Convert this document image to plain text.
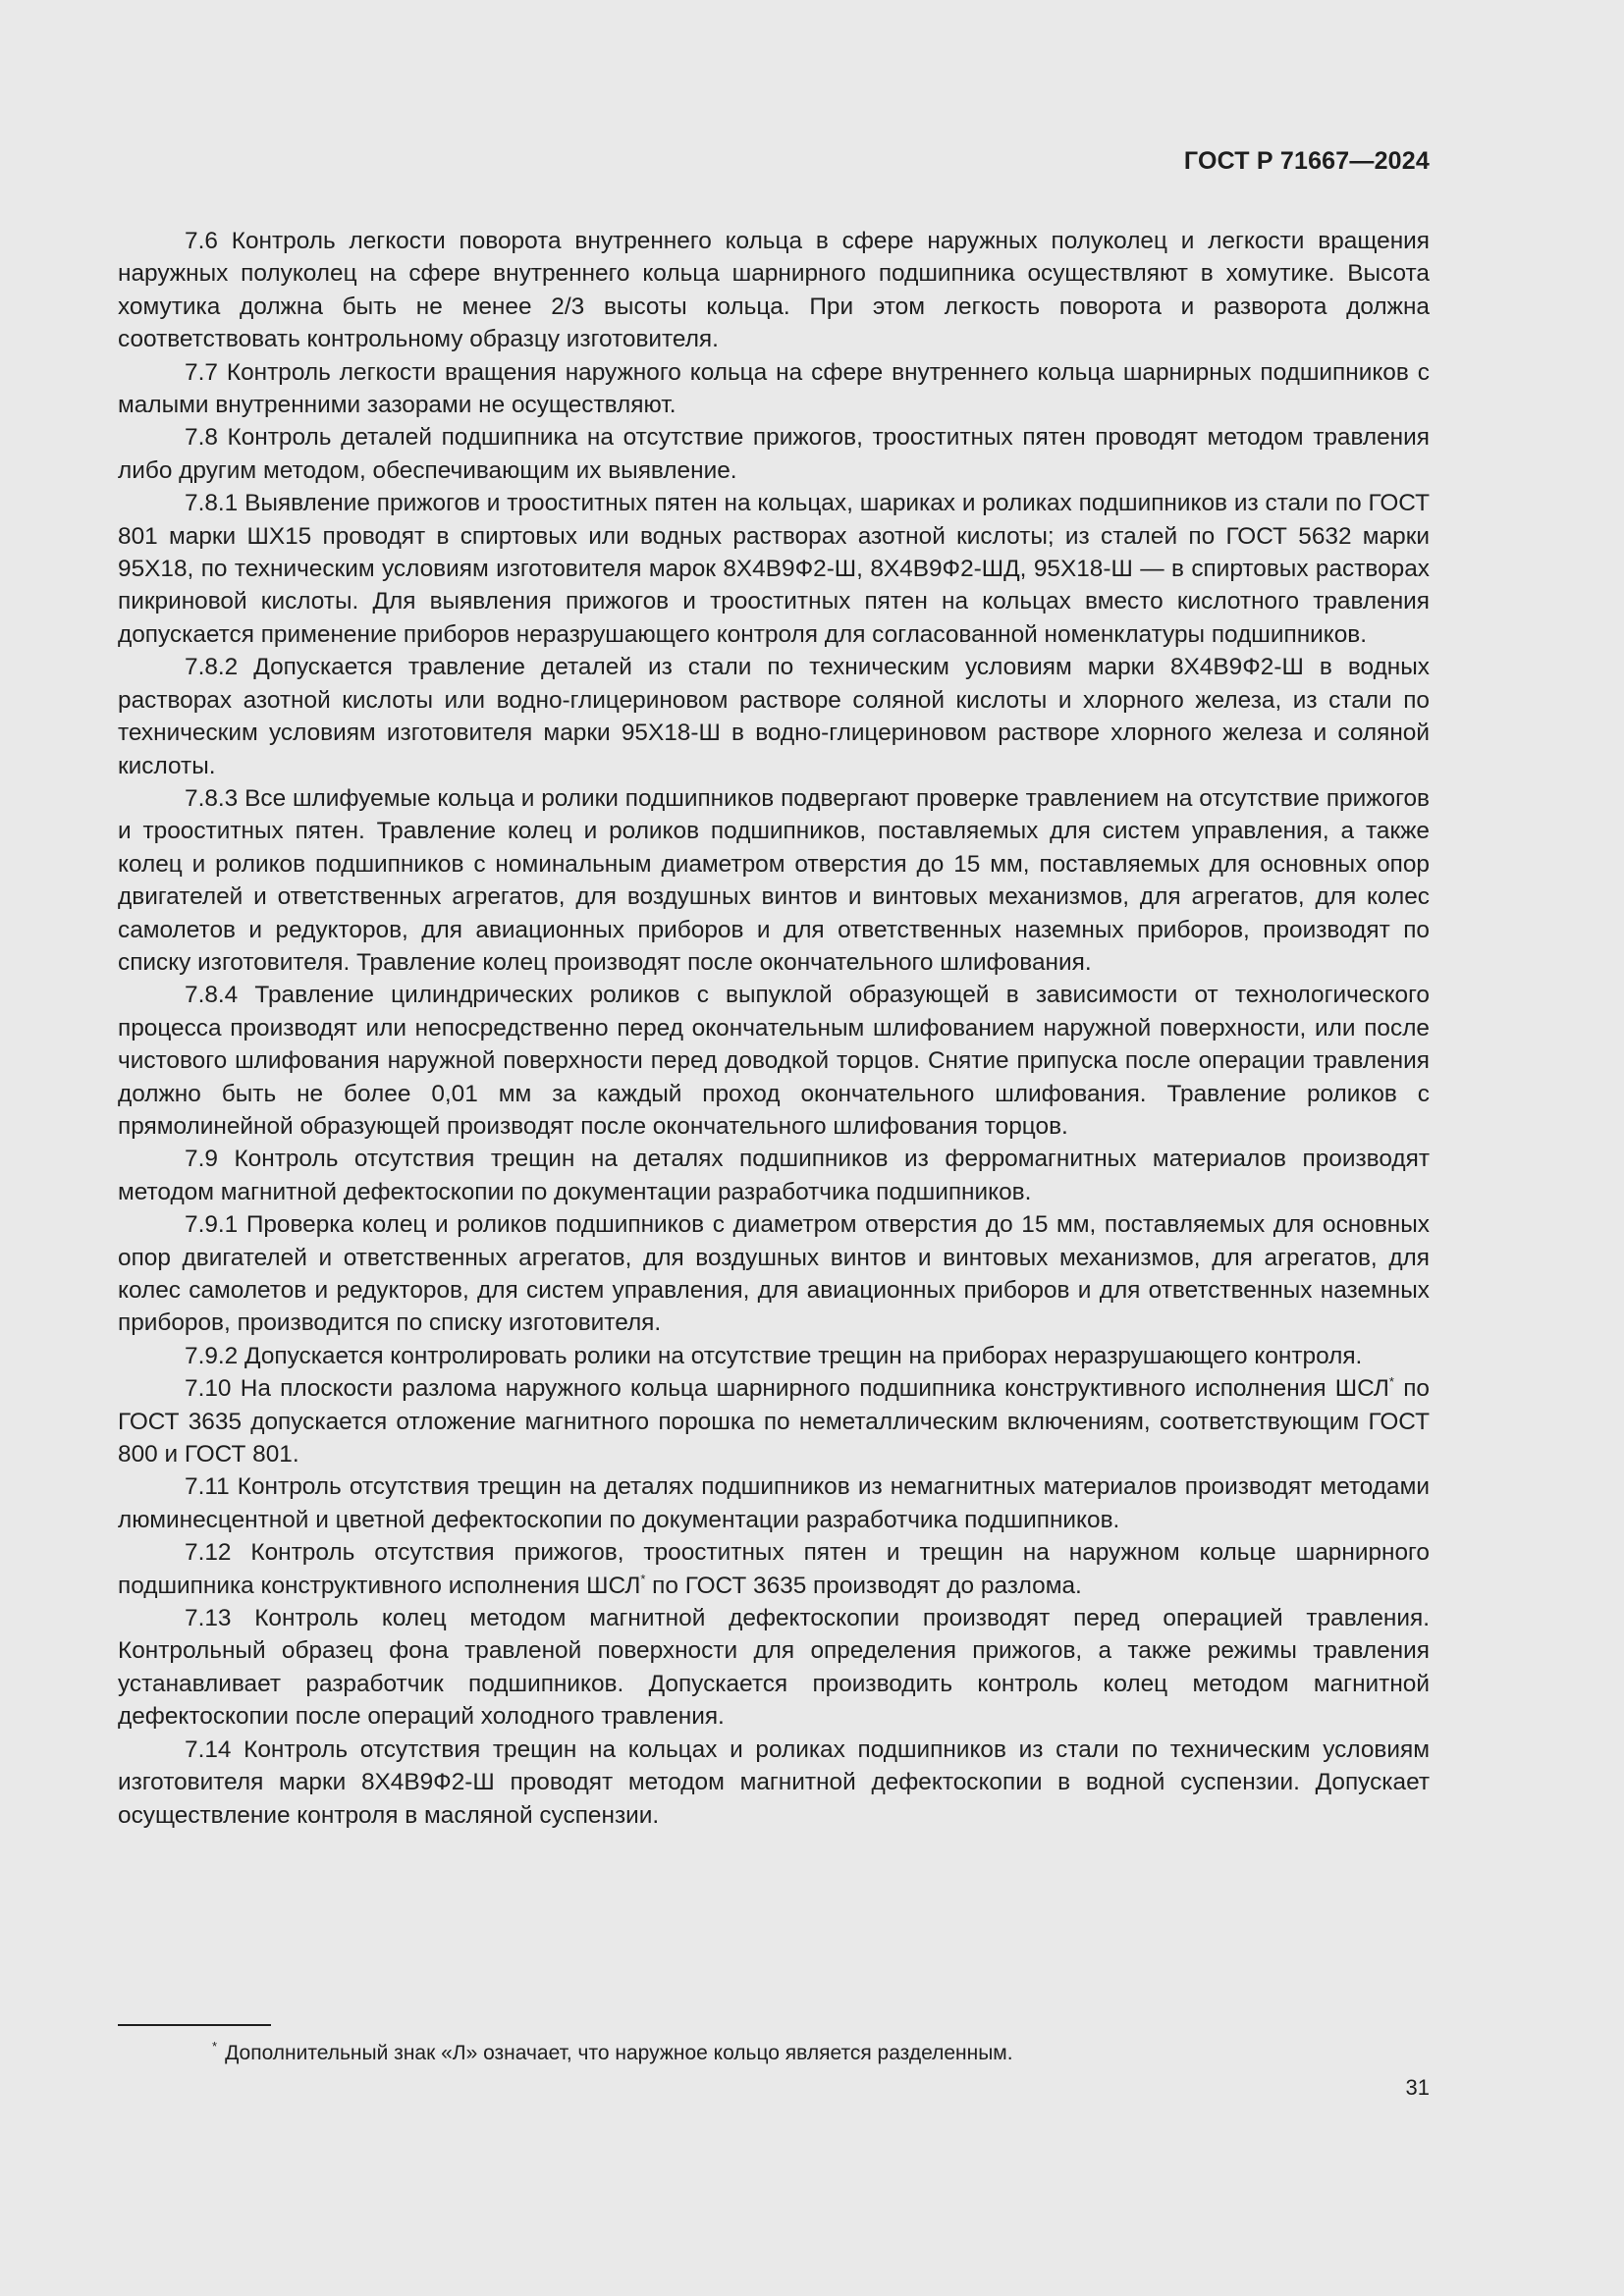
ГОСТ Р 71667—2024

7.6 Контроль легкости поворота внутреннего кольца в сфере наружных полуколец и легкости вращения наружных полуколец на сфере внутреннего кольца шарнирного подшипника осуществляют в хомутике. Высота хомутика должна быть не менее 2/3 высоты кольца. При этом легкость поворота и разворота должна соответствовать контрольному образцу изготовителя.

7.7 Контроль легкости вращения наружного кольца на сфере внутреннего кольца шарнирных подшипников с малыми внутренними зазорами не осуществляют.

7.8 Контроль деталей подшипника на отсутствие прижогов, трооститных пятен проводят методом травления либо другим методом, обеспечивающим их выявление.

7.8.1 Выявление прижогов и трооститных пятен на кольцах, шариках и роликах подшипников из стали по ГОСТ 801 марки ШХ15 проводят в спиртовых или водных растворах азотной кислоты; из сталей по ГОСТ 5632 марки 95Х18, по техническим условиям изготовителя марок 8Х4В9Ф2-Ш, 8Х4В9Ф2-ШД, 95Х18-Ш — в спиртовых растворах пикриновой кислоты. Для выявления прижогов и трооститных пятен на кольцах вместо кислотного травления допускается применение приборов неразрушающего контроля для согласованной номенклатуры подшипников.

7.8.2 Допускается травление деталей из стали по техническим условиям марки 8Х4В9Ф2-Ш в водных растворах азотной кислоты или водно-глицериновом растворе соляной кислоты и хлорного железа, из стали по техническим условиям изготовителя марки 95Х18-Ш в водно-глицериновом растворе хлорного железа и соляной кислоты.

7.8.3 Все шлифуемые кольца и ролики подшипников подвергают проверке травлением на отсутствие прижогов и трооститных пятен. Травление колец и роликов подшипников, поставляемых для систем управления, а также колец и роликов подшипников с номинальным диаметром отверстия до 15 мм, поставляемых для основных опор двигателей и ответственных агрегатов, для воздушных винтов и винтовых механизмов, для агрегатов, для колес самолетов и редукторов, для авиационных приборов и для ответственных наземных приборов, производят по списку изготовителя. Травление колец производят после окончательного шлифования.

7.8.4 Травление цилиндрических роликов с выпуклой образующей в зависимости от технологического процесса производят или непосредственно перед окончательным шлифованием наружной поверхности, или после чистового шлифования наружной поверхности перед доводкой торцов. Снятие припуска после операции травления должно быть не более 0,01 мм за каждый проход окончательного шлифования. Травление роликов с прямолинейной образующей производят после окончательного шлифования торцов.

7.9 Контроль отсутствия трещин на деталях подшипников из ферромагнитных материалов производят методом магнитной дефектоскопии по документации разработчика подшипников.

7.9.1 Проверка колец и роликов подшипников с диаметром отверстия до 15 мм, поставляемых для основных опор двигателей и ответственных агрегатов, для воздушных винтов и винтовых механизмов, для агрегатов, для колес самолетов и редукторов, для систем управления, для авиационных приборов и для ответственных наземных приборов, производится по списку изготовителя.

7.9.2 Допускается контролировать ролики на отсутствие трещин на приборах неразрушающего контроля.

7.10 На плоскости разлома наружного кольца шарнирного подшипника конструктивного исполнения ШСЛ* по ГОСТ 3635 допускается отложение магнитного порошка по неметаллическим включениям, соответствующим ГОСТ 800 и ГОСТ 801.

7.11 Контроль отсутствия трещин на деталях подшипников из немагнитных материалов производят методами люминесцентной и цветной дефектоскопии по документации разработчика подшипников.

7.12 Контроль отсутствия прижогов, трооститных пятен и трещин на наружном кольце шарнирного подшипника конструктивного исполнения ШСЛ* по ГОСТ 3635 производят до разлома.

7.13 Контроль колец методом магнитной дефектоскопии производят перед операцией травления. Контрольный образец фона травленой поверхности для определения прижогов, а также режимы травления устанавливает разработчик подшипников. Допускается производить контроль колец методом магнитной дефектоскопии после операций холодного травления.

7.14 Контроль отсутствия трещин на кольцах и роликах подшипников из стали по техническим условиям изготовителя марки 8Х4В9Ф2-Ш проводят методом магнитной дефектоскопии в водной суспензии. Допускает осуществление контроля в масляной суспензии.

* Дополнительный знак «Л» означает, что наружное кольцо является разделенным.
31
